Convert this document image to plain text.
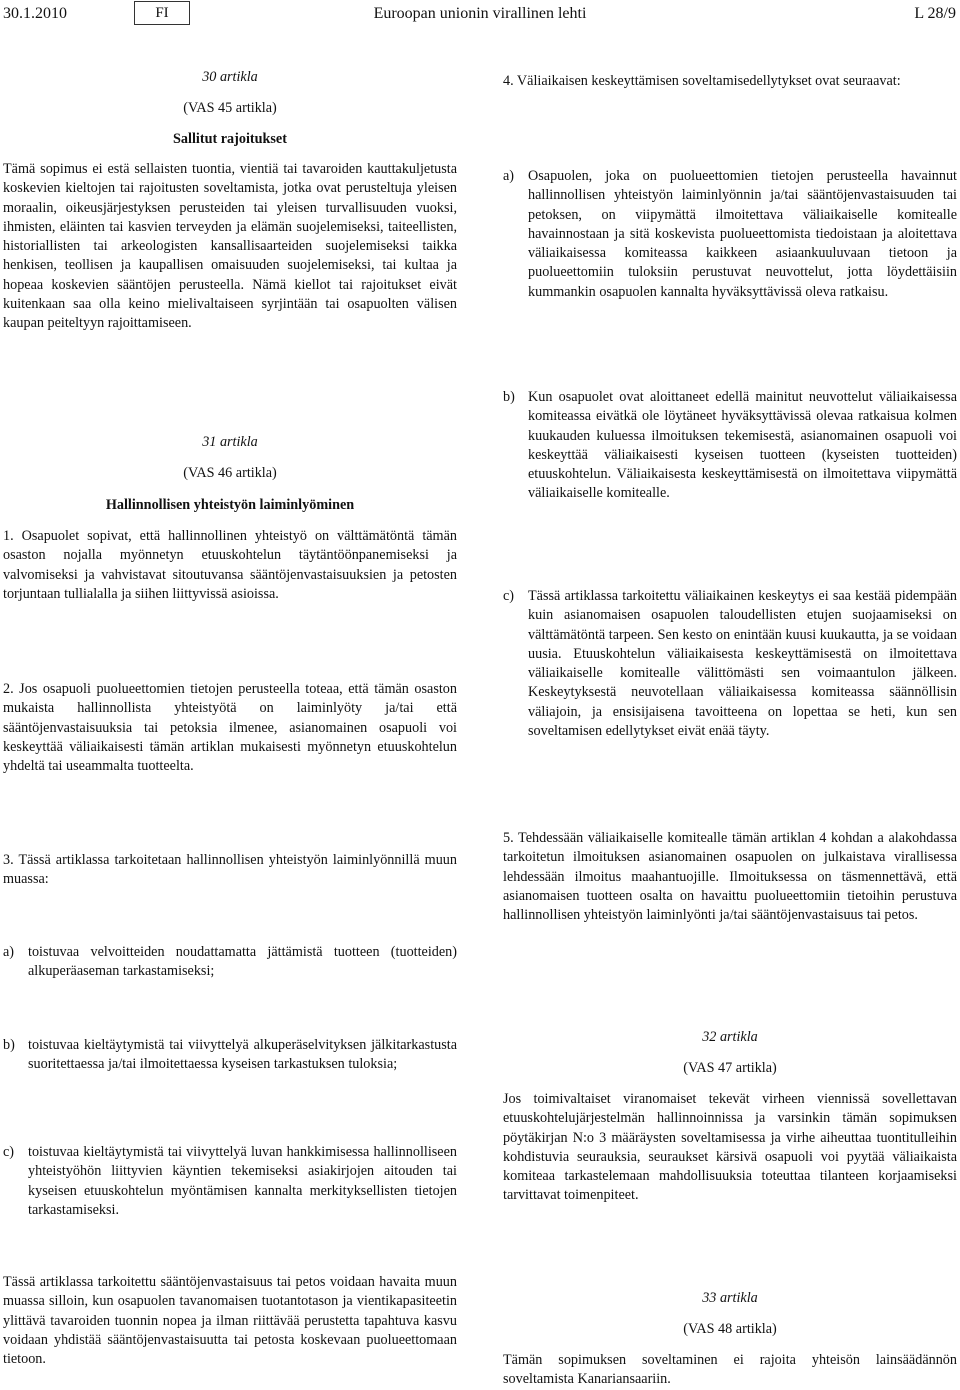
30.1.2010	FI	Euroopan unionin virallinen lehti	L 28/9

30 artikla

(VAS 45 artikla)

Sallitut rajoitukset

Tämä sopimus ei estä sellaisten tuontia, vientiä tai tavaroiden kauttakuljetusta koskevien kieltojen tai rajoitusten soveltamista, jotka ovat perusteltuja yleisen moraalin, oikeusjärjestyksen perusteiden tai yleisen turvallisuuden vuoksi, ihmisten, eläinten tai kasvien terveyden ja elämän suojelemiseksi, taiteellisten, historiallisten tai arkeologisten kansallisaarteiden suojelemiseksi taikka henkisen, teollisen ja kaupallisen omaisuuden suojelemiseksi, tai kultaa ja hopeaa koskevien sääntöjen perusteella. Nämä kiellot tai rajoitukset eivät kuitenkaan saa olla keino mielivaltaiseen syrjintään tai osapuolten välisen kaupan peiteltyyn rajoittamiseen.

31 artikla

(VAS 46 artikla)

Hallinnollisen yhteistyön laiminlyöminen

1. Osapuolet sopivat, että hallinnollinen yhteistyö on välttämätöntä tämän osaston nojalla myönnetyn etuuskohtelun täytäntöönpanemiseksi ja valvomiseksi ja vahvistavat sitoutuvansa sääntöjenvastaisuuksien ja petosten torjuntaan tullialalla ja siihen liittyvissä asioissa.

2. Jos osapuoli puolueettomien tietojen perusteella toteaa, että tämän osaston mukaista hallinnollista yhteistyötä on laiminlyöty ja/tai että sääntöjenvastaisuuksia tai petoksia ilmenee, asianomainen osapuoli voi keskeyttää väliaikaisesti tämän artiklan mukaisesti myönnetyn etuuskohtelun yhdeltä tai useammalta tuotteelta.

3. Tässä artiklassa tarkoitetaan hallinnollisen yhteistyön laiminlyönnillä muun muassa:

a) toistuvaa velvoitteiden noudattamatta jättämistä tuotteen (tuotteiden) alkuperäaseman tarkastamiseksi;

b) toistuvaa kieltäytymistä tai viivyttelyä alkuperäselvityksen jälkitarkastusta suoritettaessa ja/tai ilmoitettaessa kyseisen tarkastuksen tuloksia;

c) toistuvaa kieltäytymistä tai viivyttelyä luvan hankkimisessa hallinnolliseen yhteistyöhön liittyvien käyntien tekemiseksi asiakirjojen aitouden tai kyseisen etuuskohtelun myöntämisen kannalta merkityksellisten tietojen tarkastamiseksi.

Tässä artiklassa tarkoitettu sääntöjenvastaisuus tai petos voidaan havaita muun muassa silloin, kun osapuolen tavanomaisen tuotantotason ja vientikapasiteetin ylittävä tavaroiden tuonnin nopea ja ilman riittävää perustetta tapahtuva kasvu voidaan yhdistää sääntöjenvastaisuutta tai petosta koskevaan puolueettomaan tietoon.

4. Väliaikaisen keskeyttämisen soveltamisedellytykset ovat seuraavat:

a) Osapuolen, joka on puolueettomien tietojen perusteella havainnut hallinnollisen yhteistyön laiminlyönnin ja/tai sääntöjenvastaisuuden tai petoksen, on viipymättä ilmoitettava väliaikaiselle komitealle havainnostaan ja sitä koskevista puolueettomista tiedoistaan ja aloitettava väliaikaisessa komiteassa kaikkeen asiaankuuluvaan tietoon ja puolueettomiin tuloksiin perustuvat neuvottelut, jotta löydettäisiin kummankin osapuolen kannalta hyväksyttävissä oleva ratkaisu.

b) Kun osapuolet ovat aloittaneet edellä mainitut neuvottelut väliaikaisessa komiteassa eivätkä ole löytäneet hyväksyttävissä olevaa ratkaisua kolmen kuukauden kuluessa ilmoituksen tekemisestä, asianomainen osapuoli voi keskeyttää väliaikaisesti kyseisen tuotteen (kyseisten tuotteiden) etuuskohtelun. Väliaikaisesta keskeyttämisestä on ilmoitettava viipymättä väliaikaiselle komitealle.

c) Tässä artiklassa tarkoitettu väliaikainen keskeytys ei saa kestää pidempään kuin asianomaisen osapuolen taloudellisten etujen suojaamiseksi on välttämätöntä tarpeen. Sen kesto on enintään kuusi kuukautta, ja se voidaan uusia. Etuuskohtelun väliaikaisesta keskeyttämisestä on ilmoitettava väliaikaiselle komitealle välittömästi sen voimaantulon jälkeen. Keskeytyksestä neuvotellaan väliaikaisessa komiteassa säännöllisin väliajoin, ja ensisijaisena tavoitteena on lopettaa se heti, kun sen soveltamisen edellytykset eivät enää täyty.

5. Tehdessään väliaikaiselle komitealle tämän artiklan 4 kohdan a alakohdassa tarkoitetun ilmoituksen asianomainen osapuolen on julkaistava virallisessa lehdessään ilmoitus maahantuojille. Ilmoituksessa on täsmennettävä, että asianomaisen tuotteen osalta on havaittu puolueettomiin tietoihin perustuva hallinnollisen yhteistyön laiminlyönti ja/tai sääntöjenvastaisuus tai petos.

32 artikla

(VAS 47 artikla)

Jos toimivaltaiset viranomaiset tekevät virheen viennissä sovellettavan etuuskohtelujärjestelmän hallinnoinnissa ja varsinkin tämän sopimuksen pöytäkirjan N:o 3 määräysten soveltamisessa ja virhe aiheuttaa tuontitulleihin kohdistuvia seurauksia, seuraukset kärsivä osapuoli voi pyytää väliaikaista komiteaa tarkastelemaan mahdollisuuksia toteuttaa tilanteen korjaamiseksi tarvittavat toimenpiteet.

33 artikla

(VAS 48 artikla)

Tämän sopimuksen soveltaminen ei rajoita yhteisön lainsäädännön soveltamista Kanariansaariin.
